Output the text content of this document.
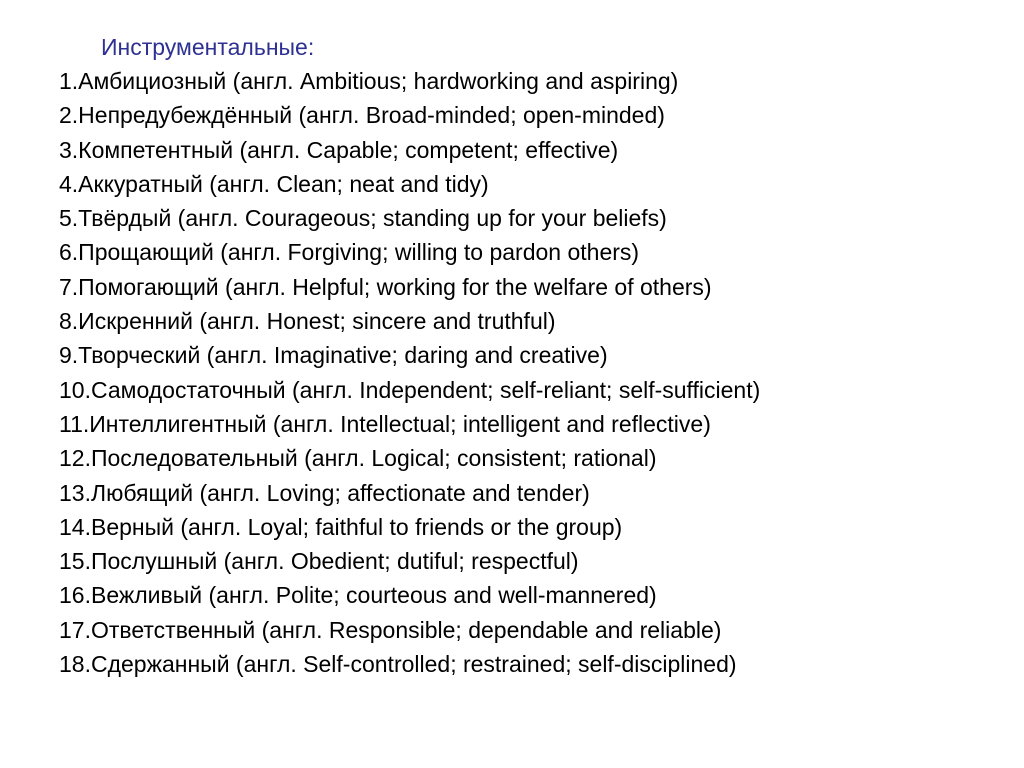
Инструментальные:
1.Амбициозный (англ. Ambitious; hardworking and aspiring)
2.Непредубеждённый (англ. Broad-minded; open-minded)
3.Компетентный (англ. Capable; competent; effective)
4.Аккуратный (англ. Clean; neat and tidy)
5.Твёрдый (англ. Courageous; standing up for your beliefs)
6.Прощающий (англ. Forgiving; willing to pardon others)
7.Помогающий (англ. Helpful; working for the welfare of others)
8.Искренний (англ. Honest; sincere and truthful)
9.Творческий (англ. Imaginative; daring and creative)
10.Самодостаточный (англ. Independent; self-reliant; self-sufficient)
11.Интеллигентный (англ. Intellectual; intelligent and reflective)
12.Последовательный (англ. Logical; consistent; rational)
13.Любящий (англ. Loving; affectionate and tender)
14.Верный (англ. Loyal; faithful to friends or the group)
15.Послушный (англ. Obedient; dutiful; respectful)
16.Вежливый (англ. Polite; courteous and well-mannered)
17.Ответственный (англ. Responsible; dependable and reliable)
18.Сдержанный (англ. Self-controlled; restrained; self-disciplined)
